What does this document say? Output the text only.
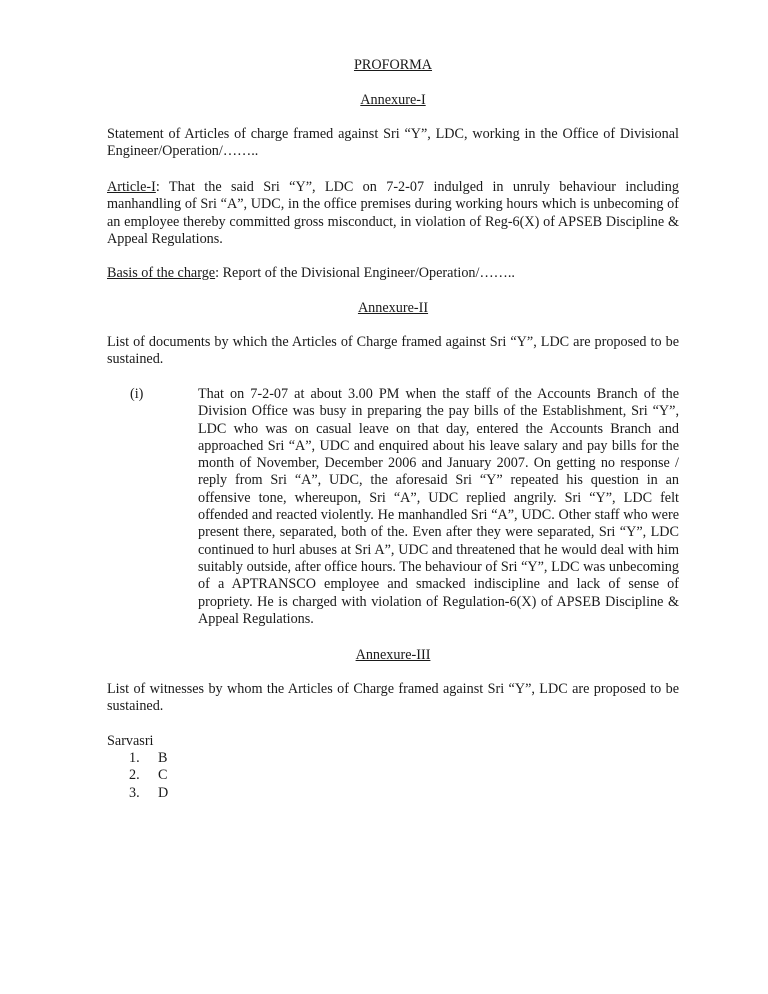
PROFORMA
Annexure-I
Statement of Articles of charge framed against Sri “Y”, LDC, working in the Office of Divisional Engineer/Operation/……..
Article-I: That the said Sri “Y”, LDC on 7-2-07 indulged in unruly behaviour including manhandling of Sri “A”, UDC, in the office premises during working hours which is unbecoming of an employee thereby committed gross misconduct, in violation of Reg-6(X) of APSEB Discipline & Appeal Regulations.
Basis of the charge: Report of the Divisional Engineer/Operation/……..
Annexure-II
List of documents by which the Articles of Charge framed against Sri “Y”, LDC are proposed to be sustained.
(i)	That on 7-2-07 at about 3.00 PM when the staff of the Accounts Branch of the Division Office was busy in preparing the pay bills of the Establishment, Sri “Y”, LDC who was on casual leave on that day, entered the Accounts Branch and approached Sri “A”, UDC and enquired about his leave salary and pay bills for the month of November, December 2006 and January 2007. On getting no response / reply from Sri “A”, UDC, the aforesaid Sri “Y” repeated his question in an offensive tone, whereupon, Sri “A”, UDC replied angrily. Sri “Y”, LDC felt offended and reacted violently. He manhandled Sri “A”, UDC. Other staff who were present there, separated, both of the. Even after they were separated, Sri “Y”, LDC continued to hurl abuses at Sri A”, UDC and threatened that he would deal with him suitably outside, after office hours. The behaviour of Sri “Y”, LDC was unbecoming of a APTRANSCO employee and smacked indiscipline and lack of sense of propriety. He is charged with violation of Regulation-6(X) of APSEB Discipline & Appeal Regulations.
Annexure-III
List of witnesses by whom the Articles of Charge framed against Sri “Y”, LDC are proposed to be sustained.
Sarvasri
1. B
2. C
3. D
